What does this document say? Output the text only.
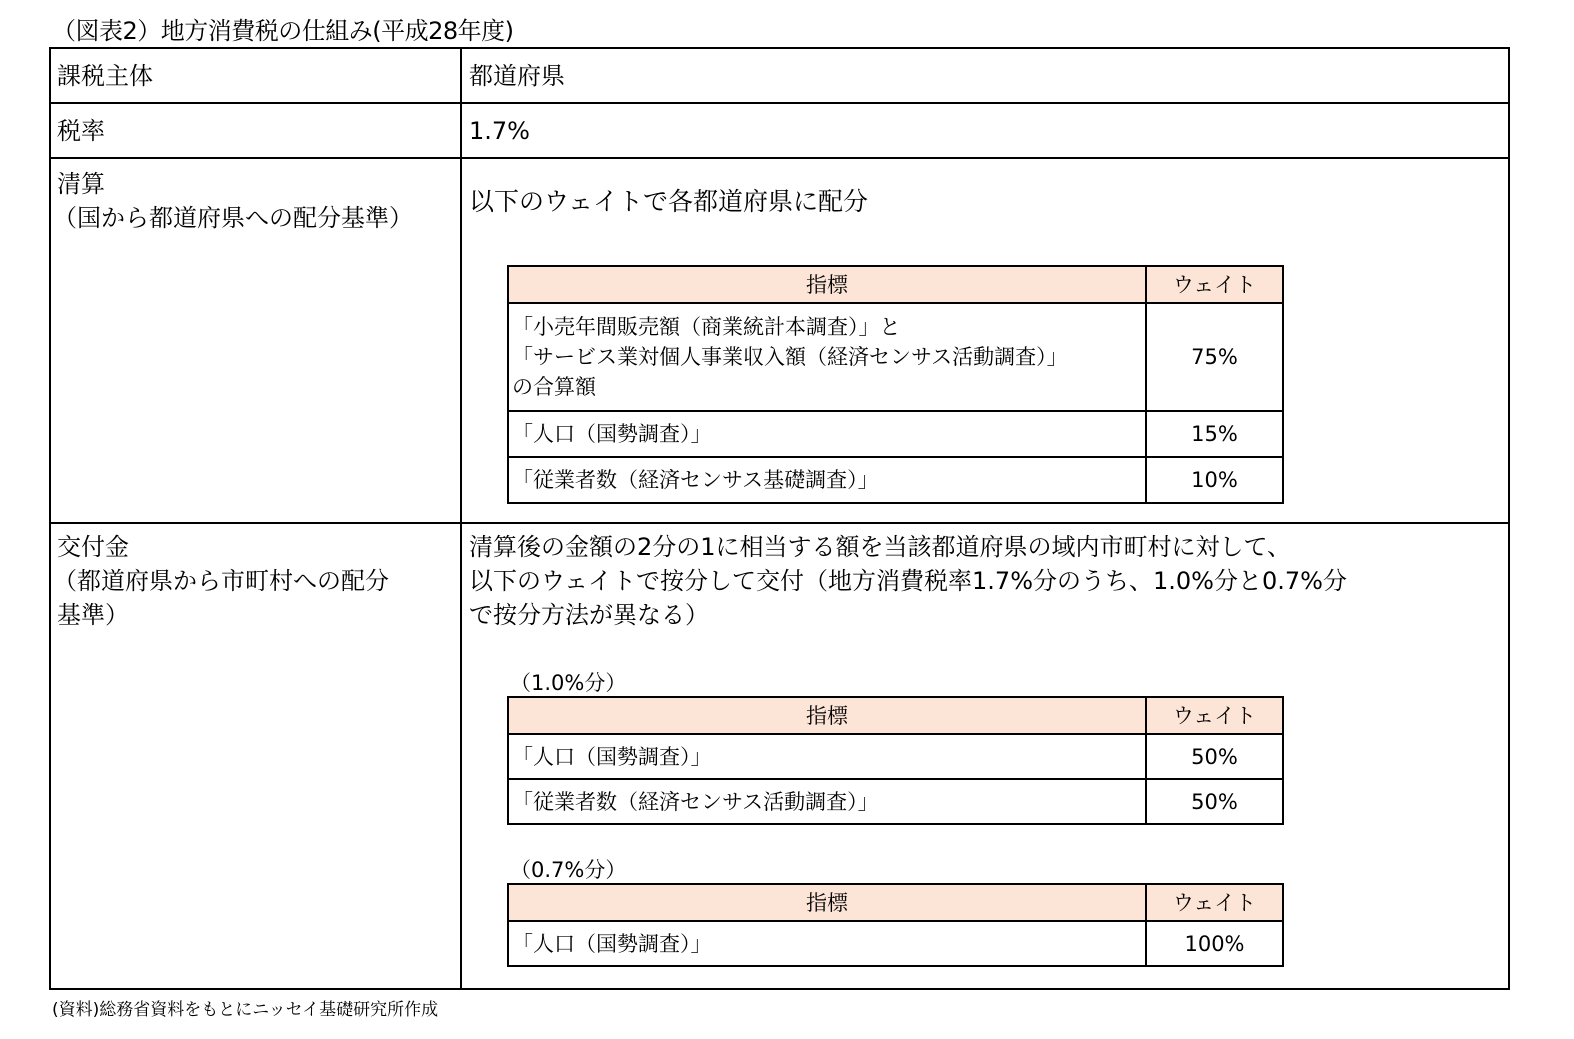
（図表2）地方消費税の仕組み(平成28年度)
課税主体	都道府県
税率	1.7%
清算
（国から都道府県への配分基準）
以下のウェイトで各都道府県に配分
指標	ウェイト

「小売年間販売額（商業統計本調査）」と
「サービス業対個人事業収入額（経済センサス活動調査）」
の合算額	75%
「人口（国勢調査）」	15%
「従業者数（経済センサス基礎調査）」	10%
交付金
（都道府県から市町村への配分
基準）
清算後の金額の2分の1に相当する額を当該都道府県の域内市町村に対して、
以下のウェイトで按分して交付（地方消費税率1.7%分のうち、1.0%分と0.7%分
で按分方法が異なる）
（1.0%分）
指標	ウェイト
「人口（国勢調査）」	50%
「従業者数（経済センサス活動調査）」	50%
（0.7%分）
指標	ウェイト
「人口（国勢調査）」	100%
(資料)総務省資料をもとにニッセイ基礎研究所作成
